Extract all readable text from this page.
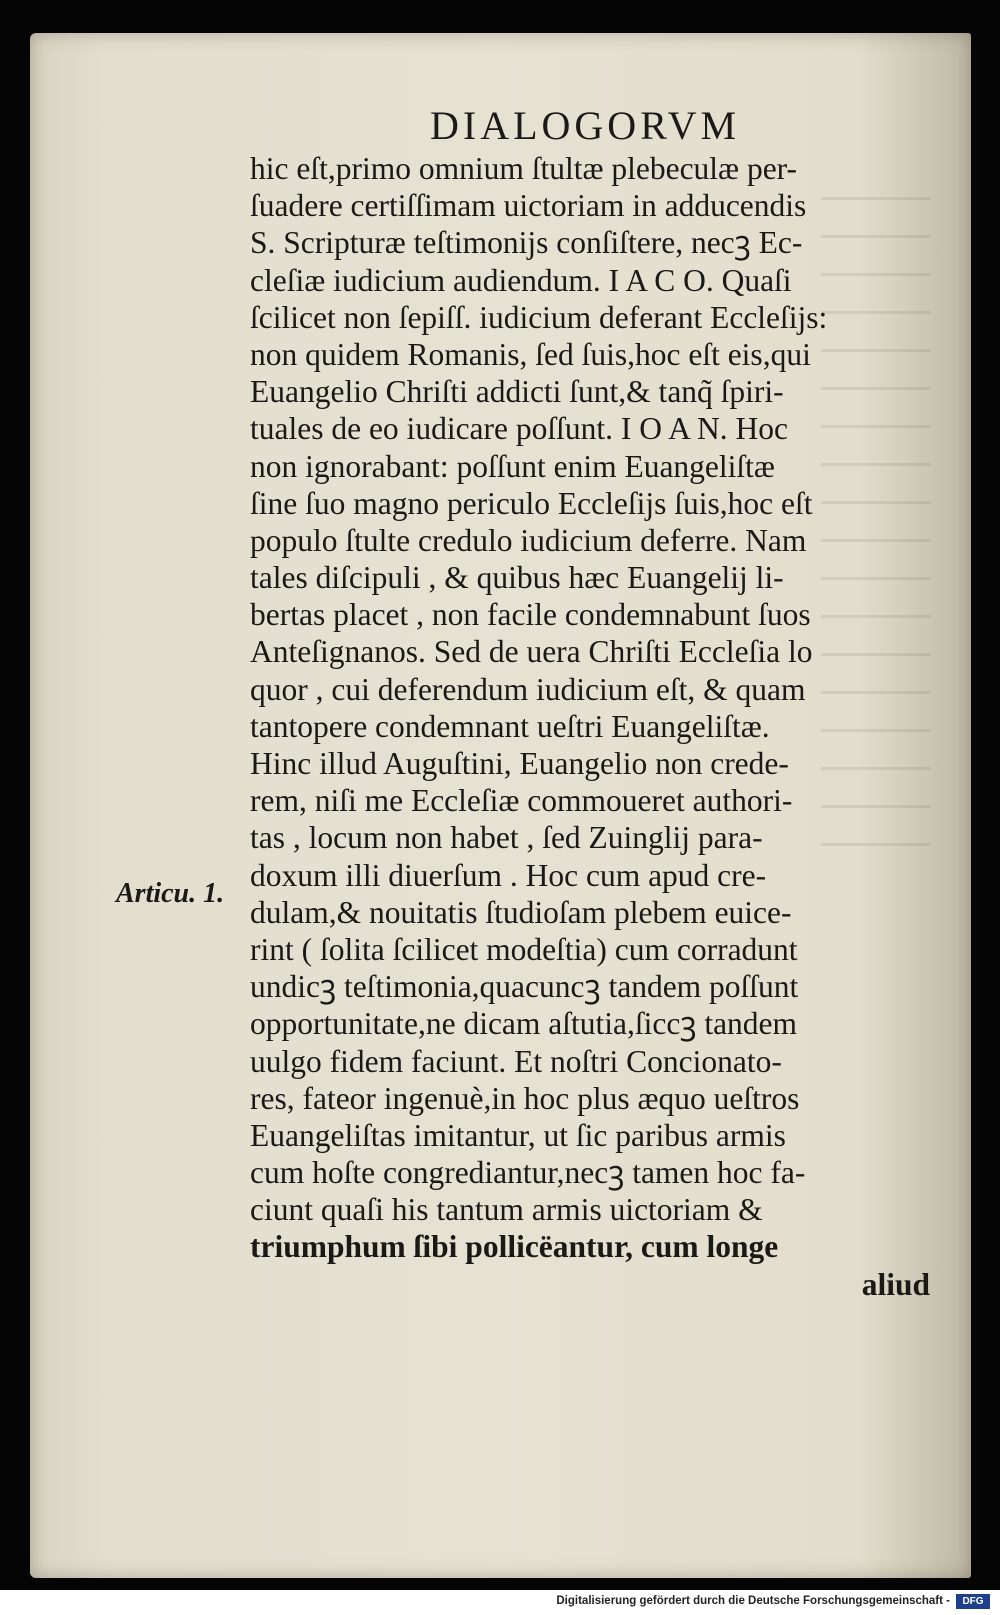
DIALOGORVM
Articu. 1.
hic eſt,primo omnium ſtultæ plebeculæ per-
ſuadere certiſſimam uictoriam in adducendis
S. Scripturæ teſtimonijs conſiſtere, necꝫ Ec-
cleſiæ iudicium audiendum. I A C O. Quaſi
ſcilicet non ſepiſſ. iudicium deferant Eccleſijs:
non quidem Romanis, ſed ſuis,hoc eſt eis,qui
Euangelio Chriſti addicti ſunt,& tanq̃ ſpiri-
tuales de eo iudicare poſſunt. I O A N. Hoc
non ignorabant: poſſunt enim Euangeliſtæ
ſine ſuo magno periculo Eccleſijs ſuis,hoc eſt
populo ſtulte credulo iudicium deferre. Nam
tales diſcipuli , & quibus hæc Euangelij li-
bertas placet , non facile condemnabunt ſuos
Anteſignanos. Sed de uera Chriſti Eccleſia lo
quor , cui deferendum iudicium eſt, & quam
tantopere condemnant ueſtri Euangeliſtæ.
Hinc illud Auguſtini, Euangelio non crede-
rem, niſi me Eccleſiæ commoueret authori-
tas , locum non habet , ſed Zuinglij para-
doxum illi diuerſum . Hoc cum apud cre-
dulam,& nouitatis ſtudioſam plebem euice-
rint ( ſolita ſcilicet modeſtia) cum corradunt
undicꝫ teſtimonia,quacuncꝫ tandem poſſunt
opportunitate,ne dicam aſtutia,ſiccꝫ tandem
uulgo fidem faciunt. Et noſtri Concionato-
res, fateor ingenuè,in hoc plus æquo ueſtros
Euangeliſtas imitantur, ut ſic paribus armis
cum hoſte congrediantur,necꝫ tamen hoc fa-
ciunt quaſi his tantum armis uictoriam &
triumphum ſibi pollicëantur, cum longe
aliud
Digitalisierung gefördert durch die Deutsche Forschungsgemeinschaft -	DFG
